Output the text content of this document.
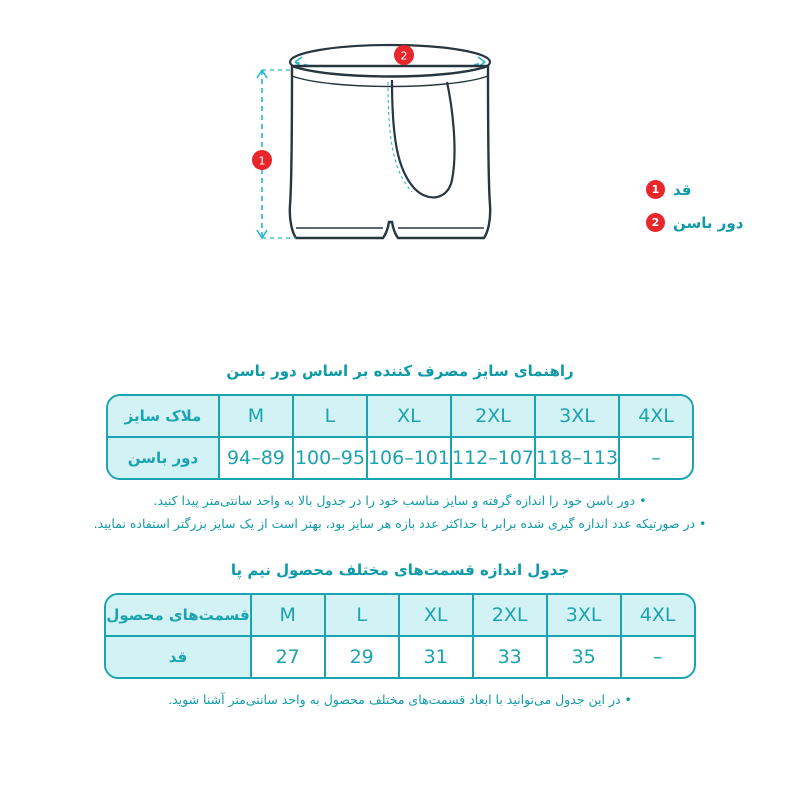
1
2
1 قد
2 دور باسن
راهنمای سایز مصرف کننده بر اساس دور باسن
4XL	3XL	2XL	XL	L	M	ملاک سایز
–	113–118	107–112	101–106	95–100	89–94	دور باسن
• دور باسن خود را اندازه گرفته و سایز مناسب خود را در جدول بالا به واحد سانتی‌متر پیدا کنید.
• در صورتیکه عدد اندازه گیری شده برابر با حداکثر عدد بازه هر سایز بود، بهتر است از یک سایز بزرگتر استفاده نمایید.
جدول اندازه قسمت‌های مختلف محصول نیم پا
4XL	3XL	2XL	XL	L	M	قسمت‌های محصول
–	35	33	31	29	27	قد
• در این جدول می‌توانید با ابعاد قسمت‌های مختلف محصول به واحد سانتی‌متر آشنا شوید.
